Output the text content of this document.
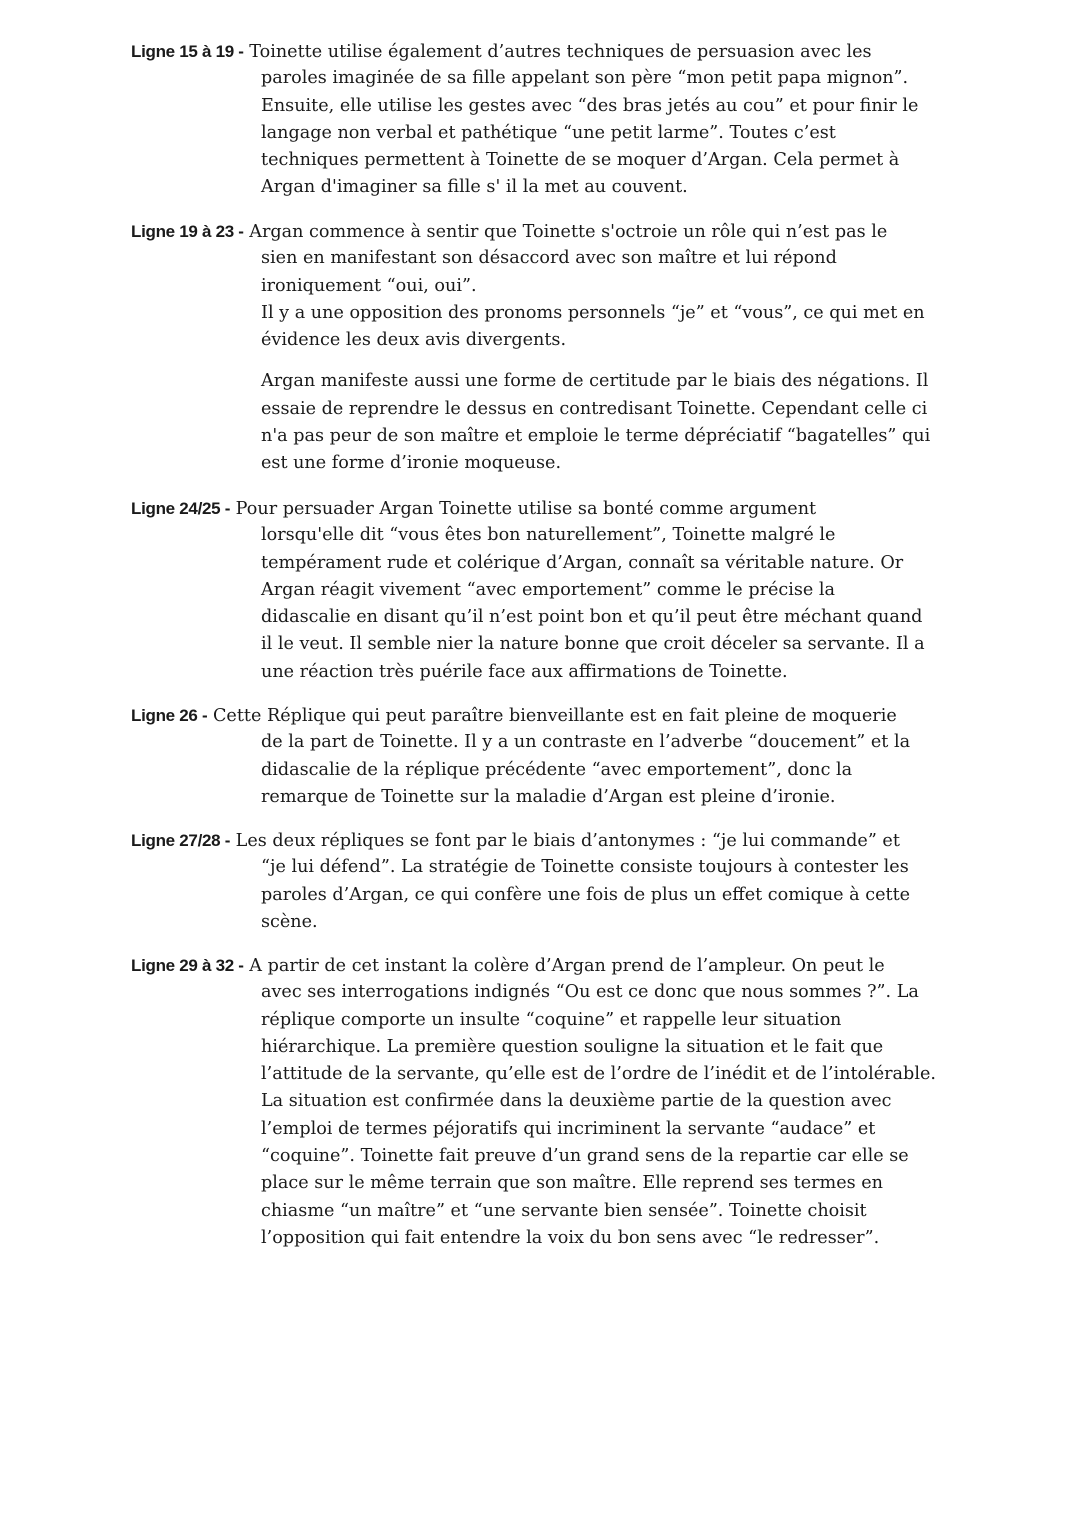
Ligne 15 à 19 - Toinette utilise également d’autres techniques de persuasion avec les
paroles imaginée de sa fille appelant son père “mon petit papa mignon”.
Ensuite, elle utilise les gestes avec “des bras jetés au cou” et pour finir le
langage non verbal et pathétique “une petit larme”. Toutes c’est
techniques permettent à Toinette de se moquer d’Argan. Cela permet à
Argan d'imaginer sa fille s' il la met au couvent.
Ligne 19 à 23 - Argan commence à sentir que Toinette s'octroie un rôle qui n’est pas le
sien en manifestant son désaccord avec son maître et lui répond
ironiquement “oui, oui”.
Il y a une opposition des pronoms personnels “je” et “vous”, ce qui met en
évidence les deux avis divergents.
Argan manifeste aussi une forme de certitude par le biais des négations. Il
essaie de reprendre le dessus en contredisant Toinette. Cependant celle ci
n'a pas peur de son maître et emploie le terme dépréciatif “bagatelles” qui
est une forme d’ironie moqueuse.
Ligne 24/25 - Pour persuader Argan Toinette utilise sa bonté comme argument
lorsqu'elle dit “vous êtes bon naturellement”, Toinette malgré le
tempérament rude et colérique d’Argan, connaît sa véritable nature. Or
Argan réagit vivement “avec emportement” comme le précise la
didascalie en disant qu’il n’est point bon et qu’il peut être méchant quand
il le veut. Il semble nier la nature bonne que croit déceler sa servante. Il a
une réaction très puérile face aux affirmations de Toinette.
Ligne 26 - Cette Réplique qui peut paraître bienveillante est en fait pleine de moquerie
de la part de Toinette. Il y a un contraste en l’adverbe “doucement” et la
didascalie de la réplique précédente “avec emportement”, donc la
remarque de Toinette sur la maladie d’Argan est pleine d’ironie.
Ligne 27/28 - Les deux répliques se font par le biais d’antonymes : “je lui commande” et
“je lui défend”. La stratégie de Toinette consiste toujours à contester les
paroles d’Argan, ce qui confère une fois de plus un effet comique à cette
scène.
Ligne 29 à 32 - A partir de cet instant la colère d’Argan prend de l’ampleur. On peut le
avec ses interrogations indignés “Ou est ce donc que nous sommes ?”. La
réplique comporte un insulte “coquine” et rappelle leur situation
hiérarchique. La première question souligne la situation et le fait que
l’attitude de la servante, qu’elle est de l’ordre de l’inédit et de l’intolérable.
La situation est confirmée dans la deuxième partie de la question avec
l’emploi de termes péjoratifs qui incriminent la servante “audace” et
“coquine”. Toinette fait preuve d’un grand sens de la repartie car elle se
place sur le même terrain que son maître. Elle reprend ses termes en
chiasme “un maître” et “une servante bien sensée”. Toinette choisit
l’opposition qui fait entendre la voix du bon sens avec “le redresser”.
